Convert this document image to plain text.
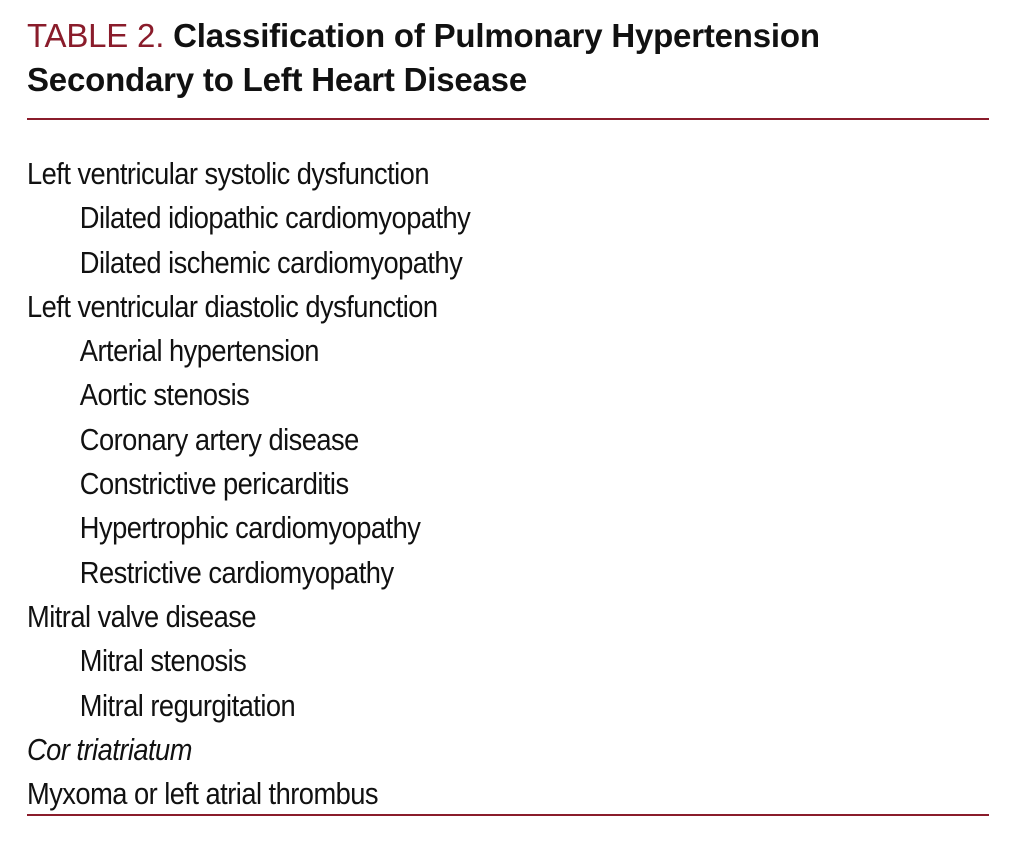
TABLE 2. Classification of Pulmonary Hypertension
Secondary to Left Heart Disease
Left ventricular systolic dysfunction
Dilated idiopathic cardiomyopathy
Dilated ischemic cardiomyopathy
Left ventricular diastolic dysfunction
Arterial hypertension
Aortic stenosis
Coronary artery disease
Constrictive pericarditis
Hypertrophic cardiomyopathy
Restrictive cardiomyopathy
Mitral valve disease
Mitral stenosis
Mitral regurgitation
Cor triatriatum
Myxoma or left atrial thrombus
